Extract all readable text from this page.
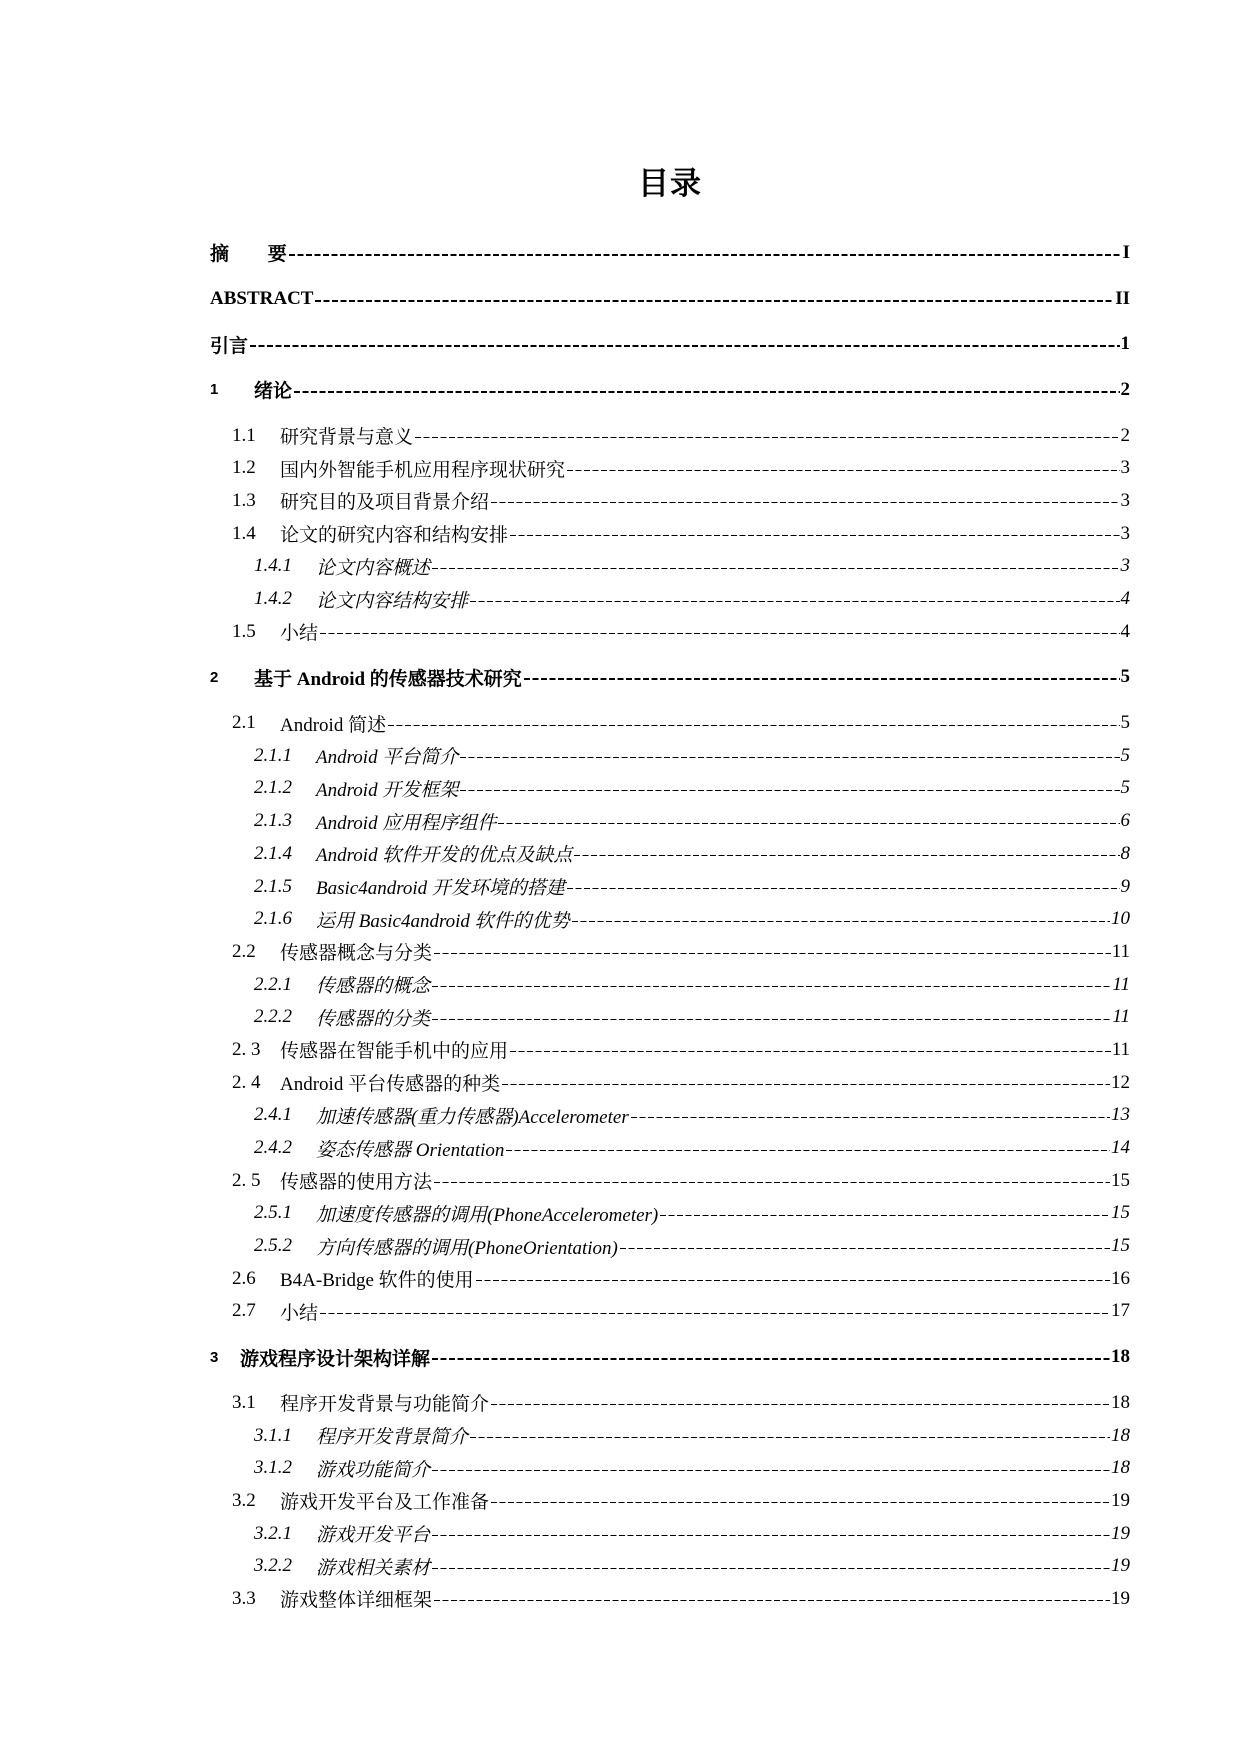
目录
摘 要	I
ABSTRACT	II
引言	1
1	绪论	2
1.1	研究背景与意义	2
1.2	国内外智能手机应用程序现状研究	3
1.3	研究目的及项目背景介绍	3
1.4	论文的研究内容和结构安排	3
1.4.1	论文内容概述	3
1.4.2	论文内容结构安排	4
1.5	小结	4
2	基于 Android 的传感器技术研究	5
2.1	Android 简述	5
2.1.1	Android 平台简介	5
2.1.2	Android 开发框架	5
2.1.3	Android 应用程序组件	6
2.1.4	Android 软件开发的优点及缺点	8
2.1.5	Basic4android 开发环境的搭建	9
2.1.6	运用 Basic4android 软件的优势	10
2.2	传感器概念与分类	11
2.2.1	传感器的概念	11
2.2.2	传感器的分类	11
2. 3	传感器在智能手机中的应用	11
2. 4	Android 平台传感器的种类	12
2.4.1	加速传感器(重力传感器)Accelerometer	13
2.4.2	姿态传感器 Orientation	14
2. 5	传感器的使用方法	15
2.5.1	加速度传感器的调用(PhoneAccelerometer)	15
2.5.2	方向传感器的调用(PhoneOrientation)	15
2.6	B4A-Bridge 软件的使用	16
2.7	小结	17
3	游戏程序设计架构详解	18
3.1	程序开发背景与功能简介	18
3.1.1	程序开发背景简介	18
3.1.2	游戏功能简介	18
3.2	游戏开发平台及工作准备	19
3.2.1	游戏开发平台	19
3.2.2	游戏相关素材	19
3.3	游戏整体详细框架	19
